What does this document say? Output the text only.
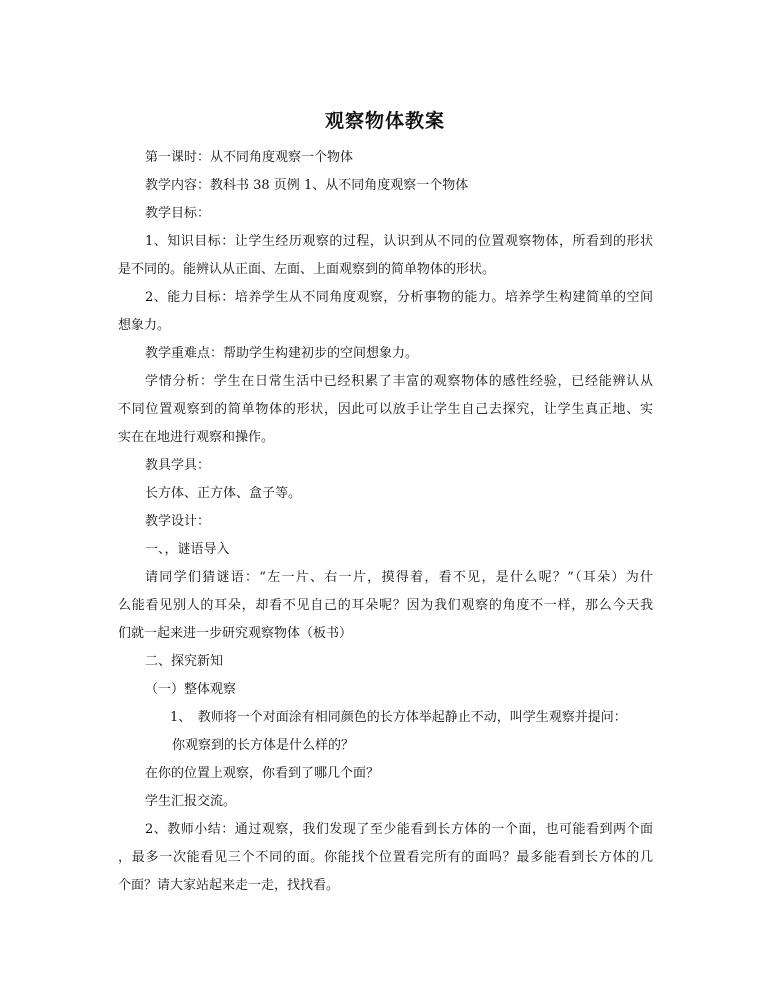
观察物体教案

第一课时：从不同角度观察一个物体

教学内容：教科书 38 页例 1、从不同角度观察一个物体

教学目标：

1、知识目标：让学生经历观察的过程，认识到从不同的位置观察物体，所看到的形状

是不同的。能辨认从正面、左面、上面观察到的简单物体的形状。

2、能力目标：培养学生从不同角度观察，分析事物的能力。培养学生构建简单的空间

想象力。

教学重难点：帮助学生构建初步的空间想象力。

学情分析：学生在日常生活中已经积累了丰富的观察物体的感性经验，已经能辨认从

不同位置观察到的简单物体的形状，因此可以放手让学生自己去探究，让学生真正地、实

实在在地进行观察和操作。

教具学具：

长方体、正方体、盒子等。

教学设计：

一、，谜语导入

请同学们猜谜语：“左一片、右一片，摸得着，看不见，是什么呢？”（耳朵）为什

么能看见别人的耳朵，却看不见自己的耳朵呢？因为我们观察的角度不一样，那么今天我

们就一起来进一步研究观察物体（板书）

二、探究新知

（一）整体观察

1、　教师将一个对面涂有相同颜色的长方体举起静止不动，叫学生观察并提问：

你观察到的长方体是什么样的？

在你的位置上观察，你看到了哪几个面？

学生汇报交流。

2、教师小结：通过观察，我们发现了至少能看到长方体的一个面，也可能看到两个面

，最多一次能看见三个不同的面。你能找个位置看完所有的面吗？最多能看到长方体的几

个面？请大家站起来走一走，找找看。
